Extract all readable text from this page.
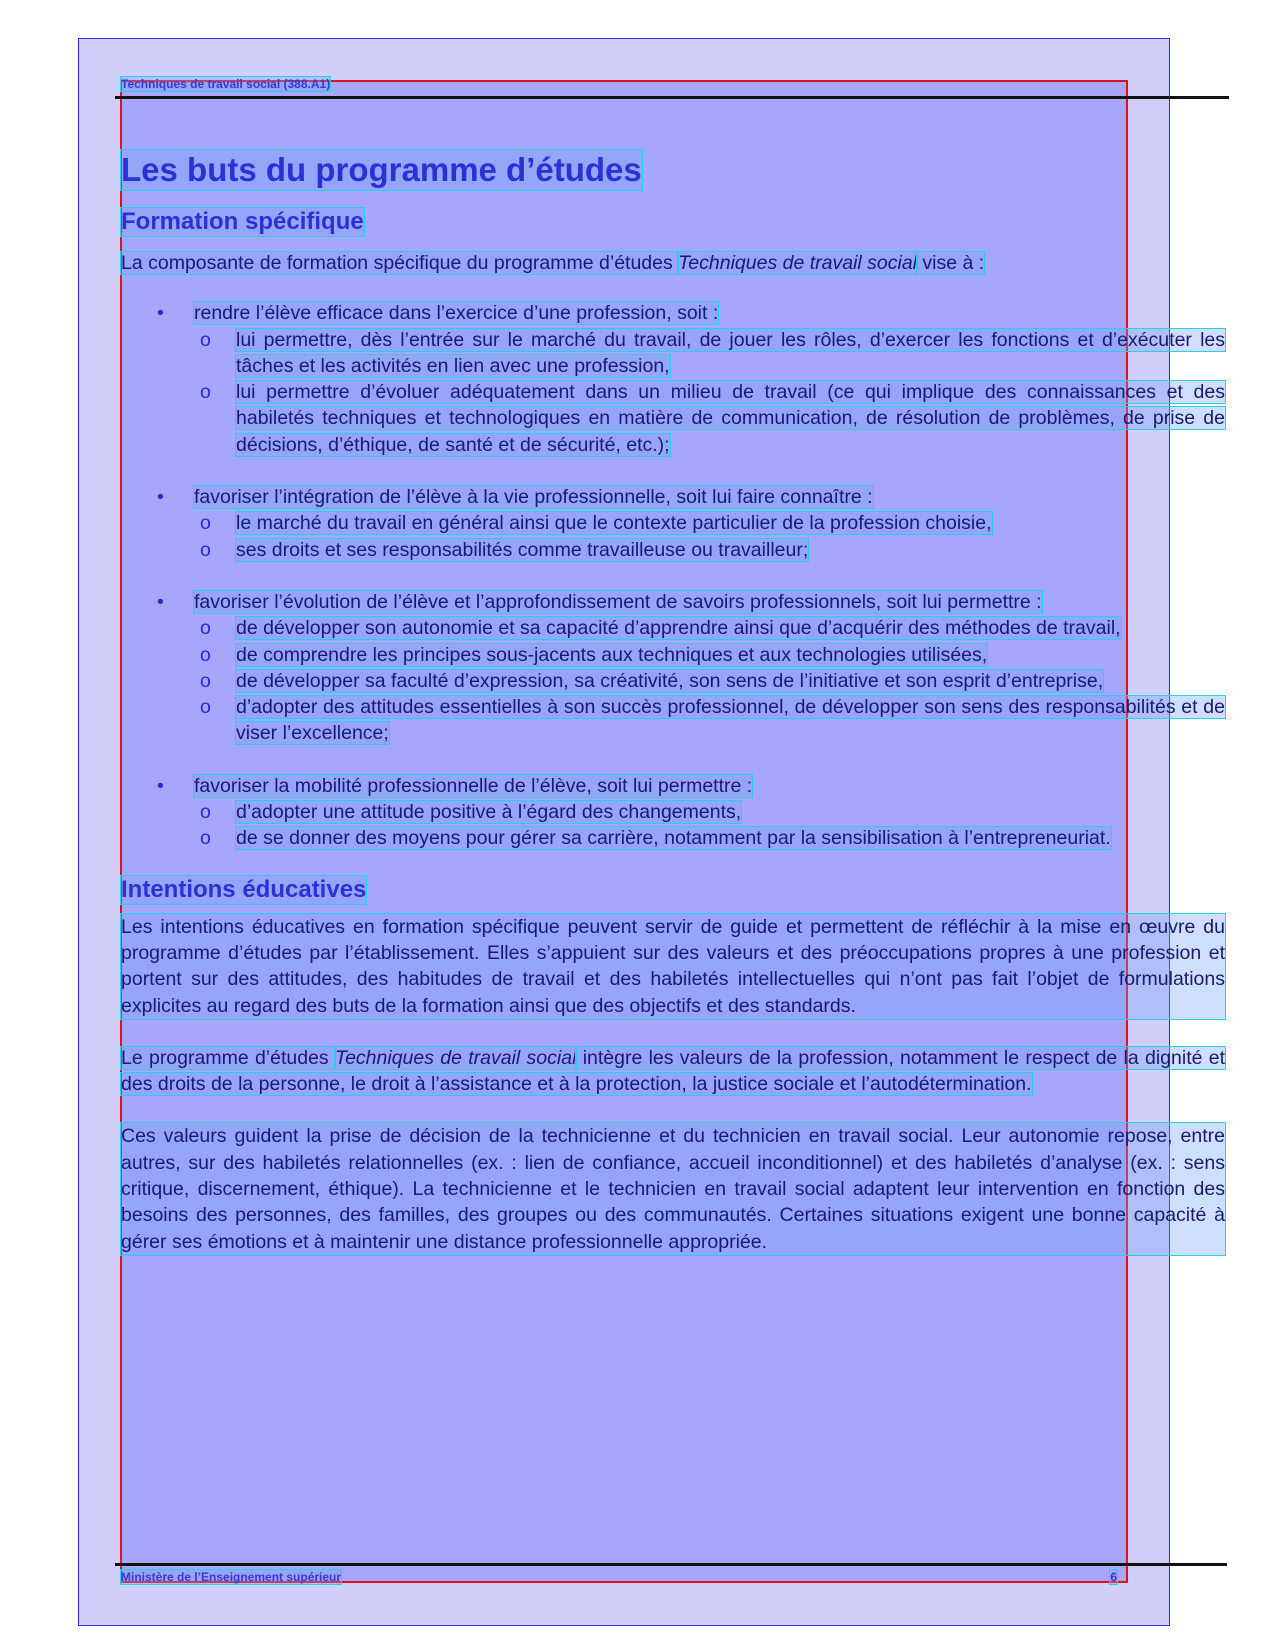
Techniques de travail social (388.A1)
Les buts du programme d’études
Formation spécifique

La composante de formation spécifique du programme d’études Techniques de travail social vise à :

• rendre l’élève efficace dans l’exercice d’une profession, soit :
o lui permettre, dès l’entrée sur le marché du travail, de jouer les rôles, d’exercer les fonctions et d’exécuter les tâches et les activités en lien avec une profession,
o lui permettre d’évoluer adéquatement dans un milieu de travail (ce qui implique des connaissances et des habiletés techniques et technologiques en matière de communication, de résolution de problèmes, de prise de décisions, d’éthique, de santé et de sécurité, etc.);
• favoriser l’intégration de l’élève à la vie professionnelle, soit lui faire connaître :
o le marché du travail en général ainsi que le contexte particulier de la profession choisie,
o ses droits et ses responsabilités comme travailleuse ou travailleur;
• favoriser l’évolution de l’élève et l’approfondissement de savoirs professionnels, soit lui permettre :
o de développer son autonomie et sa capacité d’apprendre ainsi que d’acquérir des méthodes de travail,
o de comprendre les principes sous-jacents aux techniques et aux technologies utilisées,
o de développer sa faculté d’expression, sa créativité, son sens de l’initiative et son esprit d’entreprise,
o d’adopter des attitudes essentielles à son succès professionnel, de développer son sens des responsabilités et de viser l’excellence;
• favoriser la mobilité professionnelle de l’élève, soit lui permettre :
o d’adopter une attitude positive à l’égard des changements,
o de se donner des moyens pour gérer sa carrière, notamment par la sensibilisation à l’entrepreneuriat.
Intentions éducatives

Les intentions éducatives en formation spécifique peuvent servir de guide et permettent de réfléchir à la mise en œuvre du programme d’études par l’établissement. Elles s’appuient sur des valeurs et des préoccupations propres à une profession et portent sur des attitudes, des habitudes de travail et des habiletés intellectuelles qui n’ont pas fait l’objet de formulations explicites au regard des buts de la formation ainsi que des objectifs et des standards.

Le programme d’études Techniques de travail social intègre les valeurs de la profession, notamment le respect de la dignité et des droits de la personne, le droit à l’assistance et à la protection, la justice sociale et l’autodétermination.

Ces valeurs guident la prise de décision de la technicienne et du technicien en travail social. Leur autonomie repose, entre autres, sur des habiletés relationnelles (ex. : lien de confiance, accueil inconditionnel) et des habiletés d’analyse (ex. : sens critique, discernement, éthique). La technicienne et le technicien en travail social adaptent leur intervention en fonction des besoins des personnes, des familles, des groupes ou des communautés. Certaines situations exigent une bonne capacité à gérer ses émotions et à maintenir une distance professionnelle appropriée.

Ministère de l’Enseignement supérieur	6
